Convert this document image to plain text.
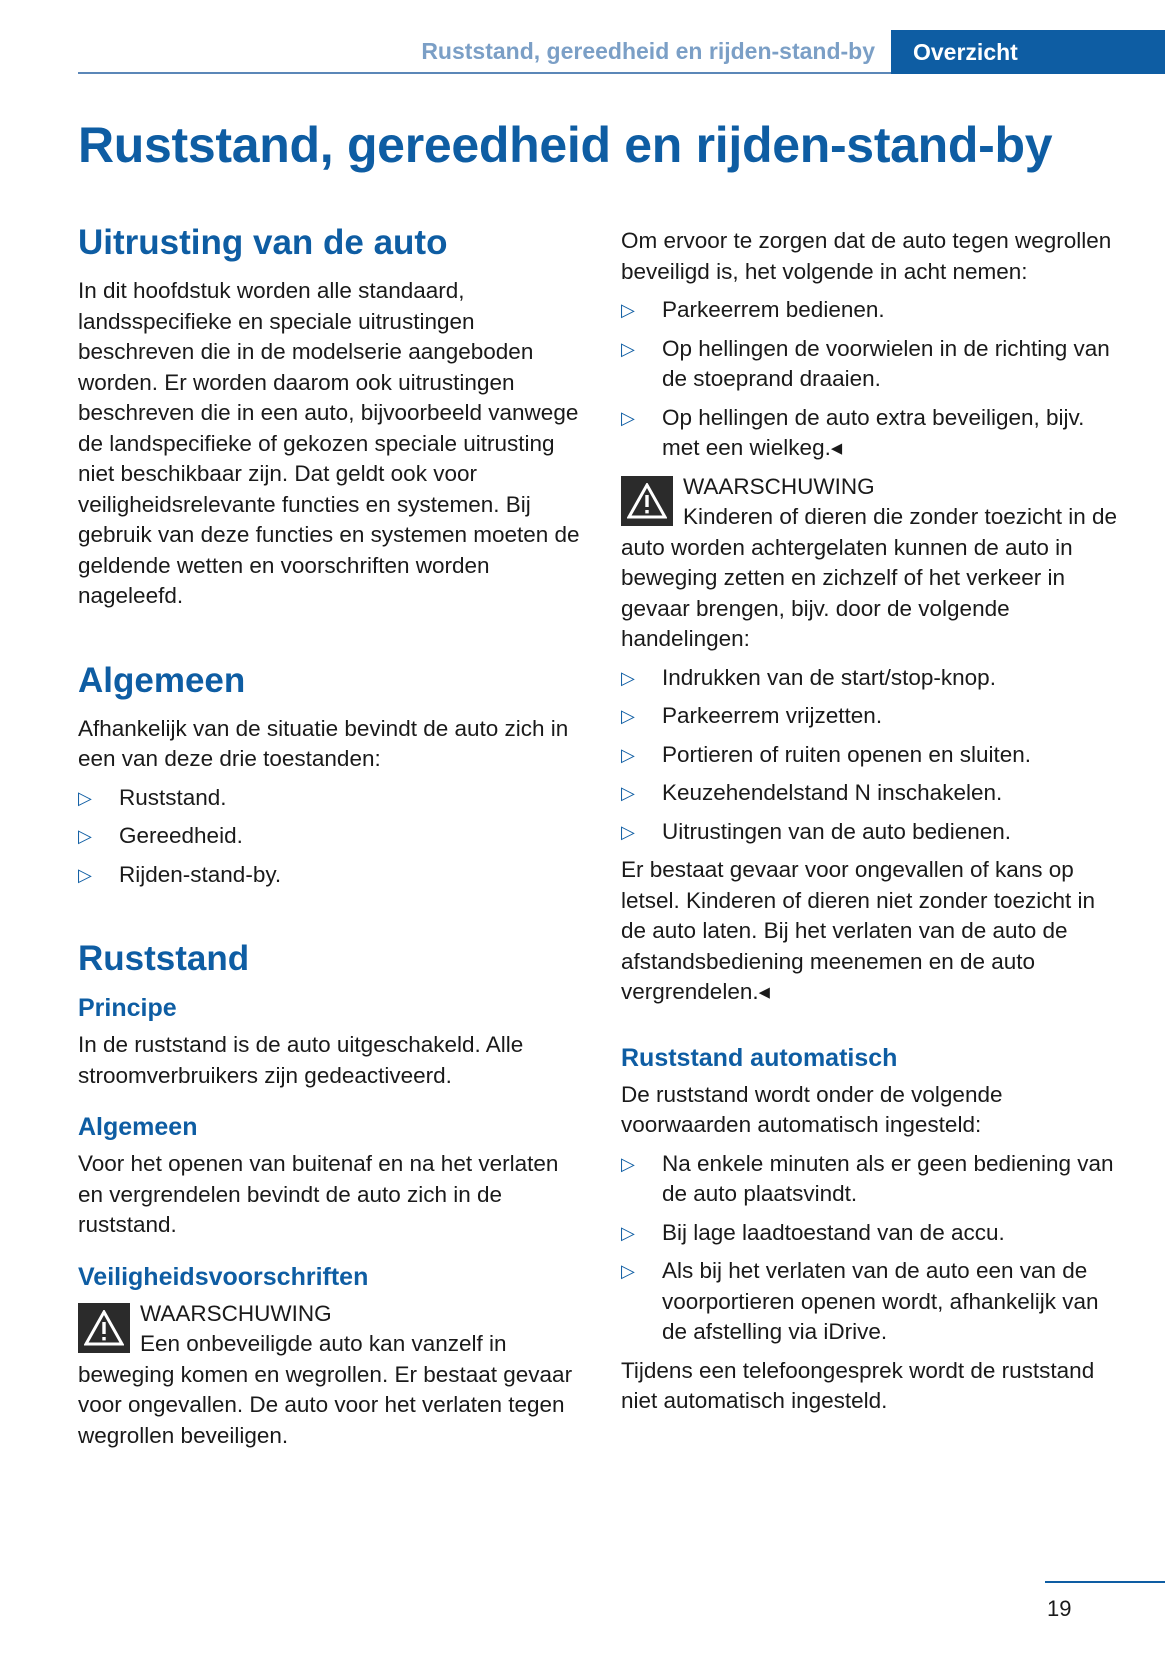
Ruststand, gereedheid en rijden-stand-by	Overzicht
Ruststand, gereedheid en rijden-stand-by
Uitrusting van de auto

In dit hoofdstuk worden alle standaard, landsspecifieke en speciale uitrustingen beschreven die in de modelserie aangeboden worden. Er worden daarom ook uitrustingen beschreven die in een auto, bijvoorbeeld vanwege de landspecifieke of gekozen speciale uitrusting niet beschikbaar zijn. Dat geldt ook voor veiligheidsrelevante functies en systemen. Bij gebruik van deze functies en systemen moeten de geldende wetten en voorschriften worden nageleefd.

Algemeen

Afhankelijk van de situatie bevindt de auto zich in een van deze drie toestanden:

▷ Ruststand.
▷ Gereedheid.
▷ Rijden-stand-by.
Ruststand
Principe

In de ruststand is de auto uitgeschakeld. Alle stroomverbruikers zijn gedeactiveerd.

Algemeen

Voor het openen van buitenaf en na het verlaten en vergrendelen bevindt de auto zich in de ruststand.

Veiligheidsvoorschriften
WAARSCHUWING
Een onbeveiligde auto kan vanzelf in beweging komen en wegrollen. Er bestaat gevaar voor ongevallen. De auto voor het verlaten tegen wegrollen beveiligen.

Om ervoor te zorgen dat de auto tegen wegrollen beveiligd is, het volgende in acht nemen:

▷ Parkeerrem bedienen.
▷ Op hellingen de voorwielen in de richting van de stoeprand draaien.
▷ Op hellingen de auto extra beveiligen, bijv. met een wielkeg.◂
WAARSCHUWING
Kinderen of dieren die zonder toezicht in de auto worden achtergelaten kunnen de auto in beweging zetten en zichzelf of het verkeer in gevaar brengen, bijv. door de volgende handelingen:
▷ Indrukken van de start/stop-knop.
▷ Parkeerrem vrijzetten.
▷ Portieren of ruiten openen en sluiten.
▷ Keuzehendelstand N inschakelen.
▷ Uitrustingen van de auto bedienen.

Er bestaat gevaar voor ongevallen of kans op letsel. Kinderen of dieren niet zonder toezicht in de auto laten. Bij het verlaten van de auto de afstandsbediening meenemen en de auto vergrendelen.◂

Ruststand automatisch

De ruststand wordt onder de volgende voorwaarden automatisch ingesteld:

▷ Na enkele minuten als er geen bediening van de auto plaatsvindt.
▷ Bij lage laadtoestand van de accu.
▷ Als bij het verlaten van de auto een van de voorportieren openen wordt, afhankelijk van de afstelling via iDrive.

Tijdens een telefoongesprek wordt de ruststand niet automatisch ingesteld.

19
